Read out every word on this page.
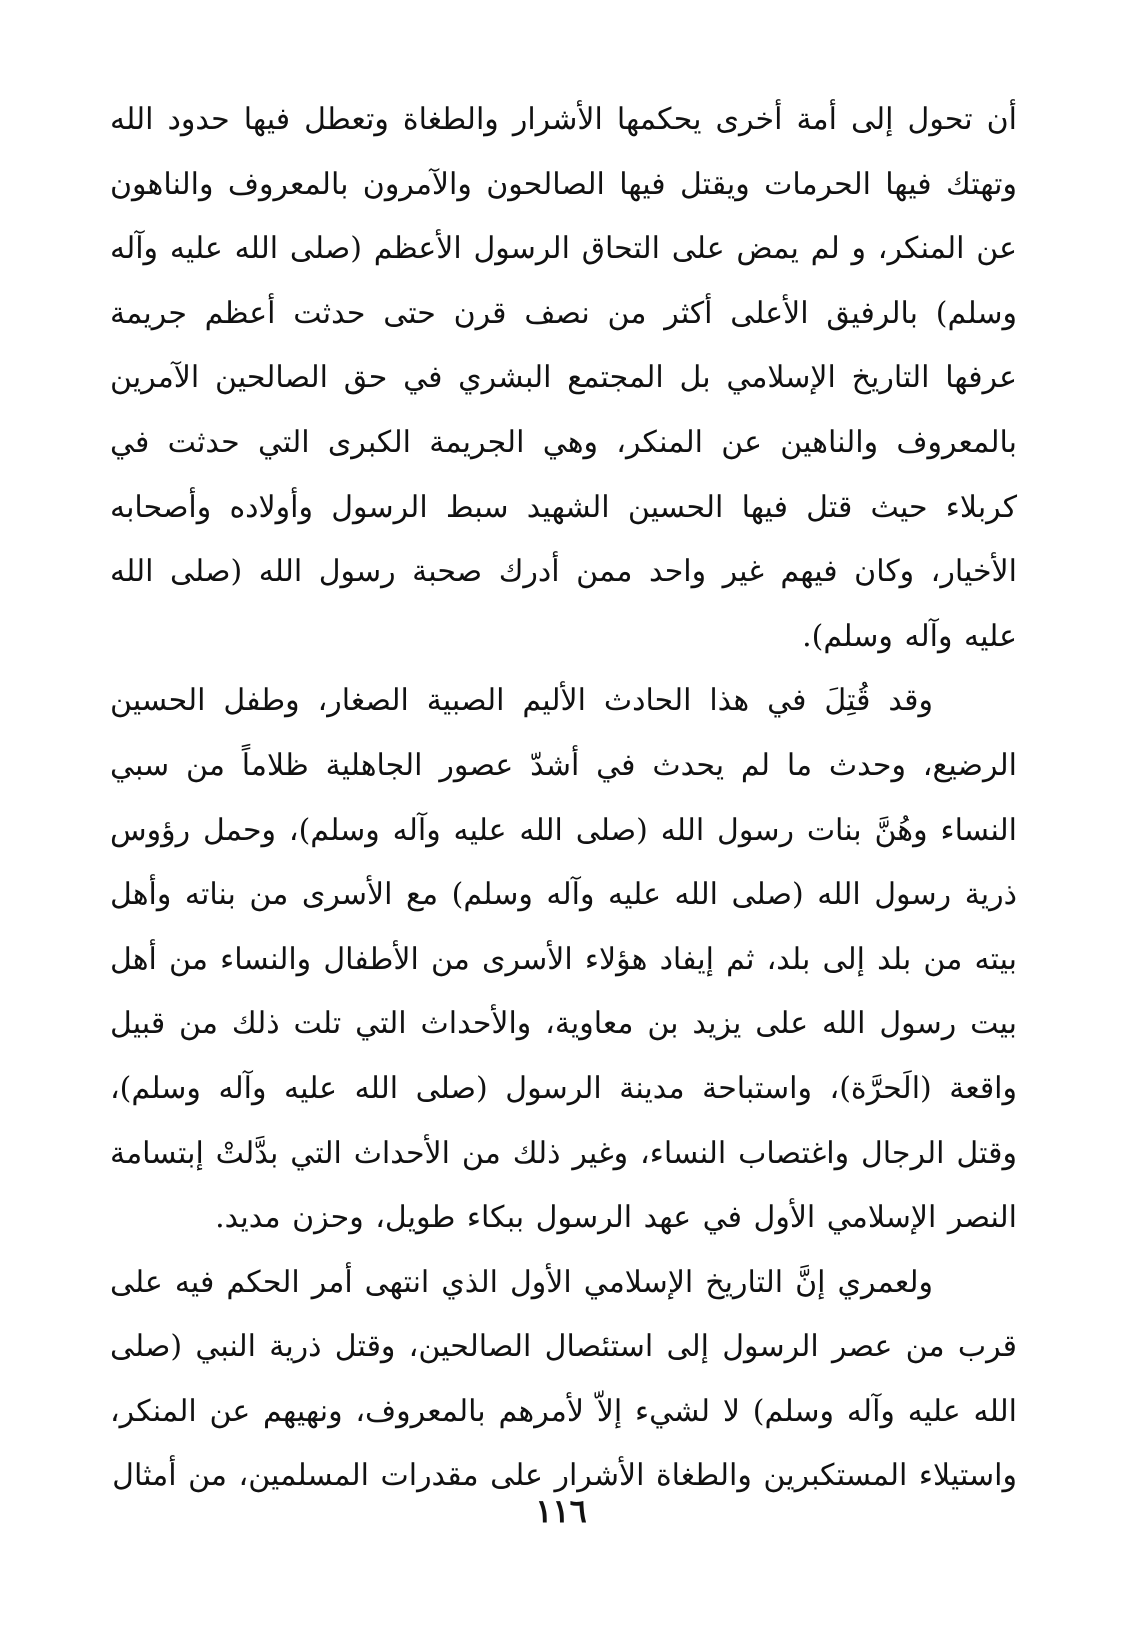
أن تحول إلى أمة أخرى يحكمها الأشرار والطغاة وتعطل فيها حدود الله وتهتك فيها الحرمات ويقتل فيها الصالحون والآمرون بالمعروف والناهون عن المنكر، و لم يمض على التحاق الرسول الأعظم (صلى الله عليه وآله وسلم) بالرفيق الأعلى أكثر من نصف قرن حتى حدثت أعظم جريمة عرفها التاريخ الإسلامي بل المجتمع البشري في حق الصالحين الآمرين بالمعروف والناهين عن المنكر، وهي الجريمة الكبرى التي حدثت في كربلاء حيث قتل فيها الحسين الشهيد سبط الرسول وأولاده وأصحابه الأخيار، وكان فيهم غير واحد ممن أدرك صحبة رسول الله (صلى الله عليه وآله وسلم).

وقد قُتِلَ في هذا الحادث الأليم الصبية الصغار، وطفل الحسين الرضيع، وحدث ما لم يحدث في أشدّ عصور الجاهلية ظلاماً من سبي النساء وهُنَّ بنات رسول الله (صلى الله عليه وآله وسلم)، وحمل رؤوس ذرية رسول الله (صلى الله عليه وآله وسلم) مع الأسرى من بناته وأهل بيته من بلد إلى بلد، ثم إيفاد هؤلاء الأسرى من الأطفال والنساء من أهل بيت رسول الله على يزيد بن معاوية، والأحداث التي تلت ذلك من قبيل واقعة (الَحرَّة)، واستباحة مدينة الرسول (صلى الله عليه وآله وسلم)، وقتل الرجال واغتصاب النساء، وغير ذلك من الأحداث التي بدَّلتْ إبتسامة النصر الإسلامي الأول في عهد الرسول ببكاء طويل، وحزن مديد.

ولعمري إنَّ التاريخ الإسلامي الأول الذي انتهى أمر الحكم فيه على قرب من عصر الرسول إلى استئصال الصالحين، وقتل ذرية النبي (صلى الله عليه وآله وسلم) لا لشيء إلاّ لأمرهم بالمعروف، ونهيهم عن المنكر، واستيلاء المستكبرين والطغاة الأشرار على مقدرات المسلمين، من أمثال

١١٦
